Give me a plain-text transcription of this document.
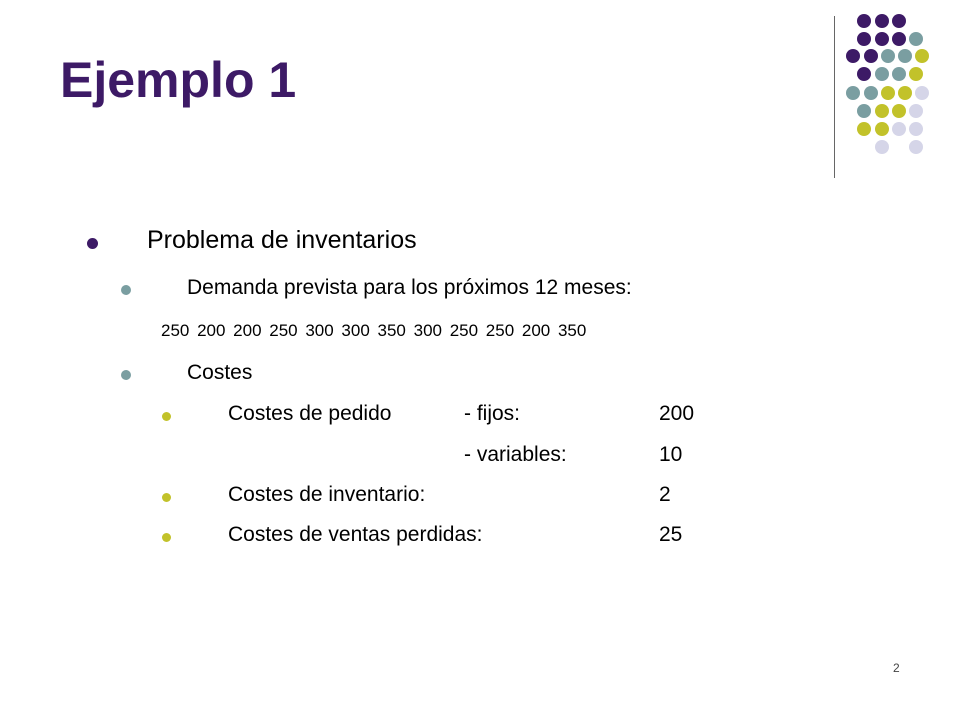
Ejemplo 1
Problema de inventarios
Demanda prevista para los próximos 12 meses:
250 200 200 250 300 300 350 300 250 250 200 350
Costes
Costes de pedido	- fijos:	200
- variables:	10
Costes de inventario:	2
Costes de ventas perdidas:	25
2
